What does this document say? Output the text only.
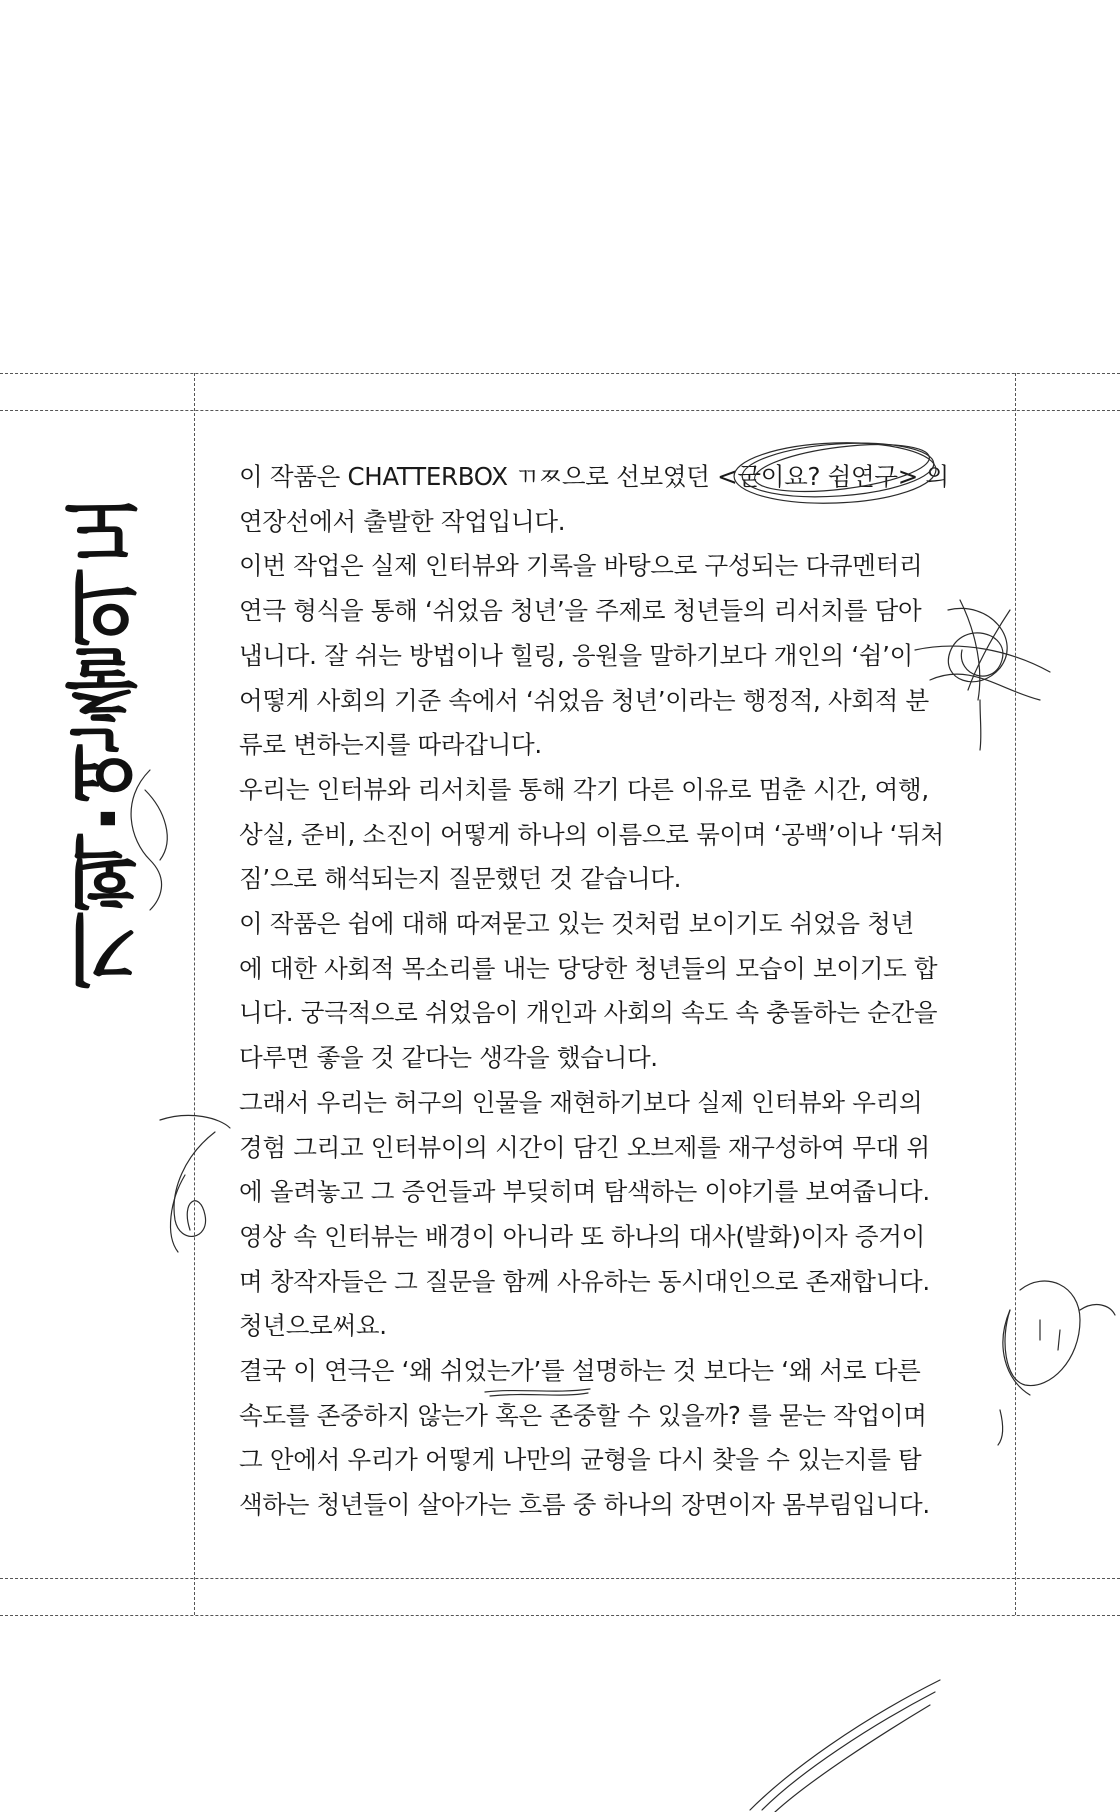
기획·연출의도

이 작품은 CHATTERBOX ㄲㅉ으로 선보였던 <굳이요? 쉼연구> 의

연장선에서 출발한 작업입니다.

이번 작업은 실제 인터뷰와 기록을 바탕으로 구성되는 다큐멘터리

연극 형식을 통해 ‘쉬었음 청년’을 주제로 청년들의 리서치를 담아

냅니다. 잘 쉬는 방법이나 힐링, 응원을 말하기보다 개인의 ‘쉼’이

어떻게 사회의 기준 속에서 ‘쉬었음 청년’이라는 행정적, 사회적 분

류로 변하는지를 따라갑니다.

우리는 인터뷰와 리서치를 통해 각기 다른 이유로 멈춘 시간, 여행,

상실, 준비, 소진이 어떻게 하나의 이름으로 묶이며 ‘공백’이나 ‘뒤처

짐’으로 해석되는지 질문했던 것 같습니다.

이 작품은 쉼에 대해 따져묻고 있는 것처럼 보이기도 쉬었음 청년

에 대한 사회적 목소리를 내는 당당한 청년들의 모습이 보이기도 합

니다. 궁극적으로 쉬었음이 개인과 사회의 속도 속 충돌하는 순간을

다루면 좋을 것 같다는 생각을 했습니다.

그래서 우리는 허구의 인물을 재현하기보다 실제 인터뷰와 우리의

경험 그리고 인터뷰이의 시간이 담긴 오브제를 재구성하여 무대 위

에 올려놓고 그 증언들과 부딪히며 탐색하는 이야기를 보여줍니다.

영상 속 인터뷰는 배경이 아니라 또 하나의 대사(발화)이자 증거이

며 창작자들은 그 질문을 함께 사유하는 동시대인으로 존재합니다.

청년으로써요.

결국 이 연극은 ‘왜 쉬었는가’를 설명하는 것 보다는 ‘왜 서로 다른

속도를 존중하지 않는가 혹은 존중할 수 있을까? 를 묻는 작업이며

그 안에서 우리가 어떻게 나만의 균형을 다시 찾을 수 있는지를 탐

색하는 청년들이 살아가는 흐름 중 하나의 장면이자 몸부림입니다.
